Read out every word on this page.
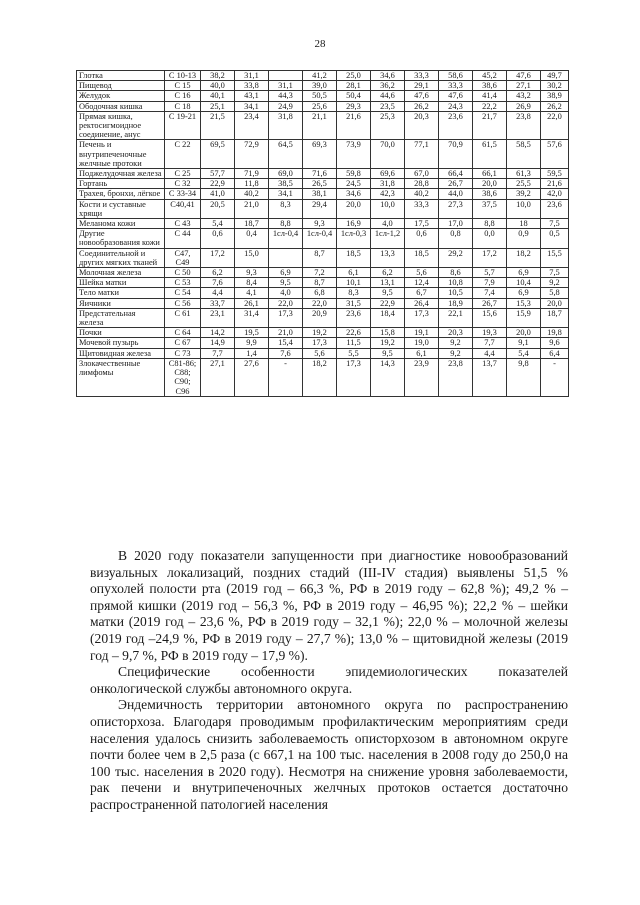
28
Глотка	С 10-13	38,2	31,1		41,2	25,0	34,6	33,3	58,6	45,2	47,6	49,7
Пищевод	С 15	40,0	33,8	31,1	39,0	28,1	36,2	29,1	33,3	38,6	27,1	30,2
Желудок	С 16	40,1	43,1	44,3	50,5	50,4	44,6	47,6	47,6	41,4	43,2	38,9
Ободочная кишка	С 18	25,1	34,1	24,9	25,6	29,3	23,5	26,2	24,3	22,2	26,9	26,2
Прямая кишка, ректосигмоидное соединение, анус	С 19-21	21,5	23,4	31,8	21,1	21,6	25,3	20,3	23,6	21,7	23,8	22,0
Печень и внутрипеченочные желчные протоки	С 22	69,5	72,9	64,5	69,3	73,9	70,0	77,1	70,9	61,5	58,5	57,6
Поджелудочная железа	С 25	57,7	71,9	69,0	71,6	59,8	69,6	67,0	66,4	66,1	61,3	59,5
Гортань	С 32	22,9	11,8	38,5	26,5	24,5	31,8	28,8	26,7	20,0	25,5	21,6
Трахея, бронхи, лёгкое	С 33-34	41,0	40,2	34,1	38,1	34,6	42,3	40,2	44,0	38,6	39,2	42,0
Кости и суставные хрящи	С40,41	20,5	21,0	8,3	29,4	20,0	10,0	33,3	27,3	37,5	10,0	23,6
Меланома кожи	С 43	5,4	18,7	8,8	9,3	16,9	4,0	17,5	17,0	8,8	18	7,5
Другие новообразования кожи	С 44	0,6	0,4	1сл-0,4	1сл-0,4	1сл-0,3	1сл-1,2	0,6	0,8	0,0	0,9	0,5
Соединительной и других мягких тканей	С47, С49	17,2	15,0		8,7	18,5	13,3	18,5	29,2	17,2	18,2	15,5
Молочная железа	С 50	6,2	9,3	6,9	7,2	6,1	6,2	5,6	8,6	5,7	6,9	7,5
Шейка матки	С 53	7,6	8,4	9,5	8,7	10,1	13,1	12,4	10,8	7,9	10,4	9,2
Тело матки	С 54	4,4	4,1	4,0	6,8	8,3	9,5	6,7	10,5	7,4	6,9	5,8
Яичники	С 56	33,7	26,1	22,0	22,0	31,5	22,9	26,4	18,9	26,7	15,3	20,0
Предстательная железа	С 61	23,1	31,4	17,3	20,9	23,6	18,4	17,3	22,1	15,6	15,9	18,7
Почки	С 64	14,2	19,5	21,0	19,2	22,6	15,8	19,1	20,3	19,3	20,0	19,8
Мочевой пузырь	С 67	14,9	9,9	15,4	17,3	11,5	19,2	19,0	9,2	7,7	9,1	9,6
Щитовидная железа	С 73	7,7	1,4	7,6	5,6	5,5	9,5	6,1	9,2	4,4	5,4	6,4
Злокачественные лимфомы	С81-86; С88; С90; С96	27,1	27,6	-	18,2	17,3	14,3	23,9	23,8	13,7	9,8	-

В 2020 году показатели запущенности при диагностике новообразований визуальных локализаций, поздних стадий (III-IV стадия) выявлены 51,5 % опухолей полости рта (2019 год – 66,3 %, РФ в 2019 году – 62,8 %); 49,2 % – прямой кишки (2019 год – 56,3 %, РФ в 2019 году – 46,95 %); 22,2 % – шейки матки (2019 год – 23,6 %, РФ в 2019 году – 32,1 %); 22,0 % – молочной железы (2019 год –24,9 %, РФ в 2019 году – 27,7 %); 13,0 % – щитовидной железы (2019 год – 9,7 %, РФ в 2019 году – 17,9 %).

Специфические особенности эпидемиологических показателей онкологической службы автономного округа.

Эндемичность территории автономного округа по распространению описторхоза. Благодаря проводимым профилактическим мероприятиям среди населения удалось снизить заболеваемость описторхозом в автономном округе почти более чем в 2,5 раза (с 667,1 на 100 тыс. населения в 2008 году до 250,0 на 100 тыс. населения в 2020 году). Несмотря на снижение уровня заболеваемости, рак печени и внутрипеченочных желчных протоков остается достаточно распространенной патологией населения
